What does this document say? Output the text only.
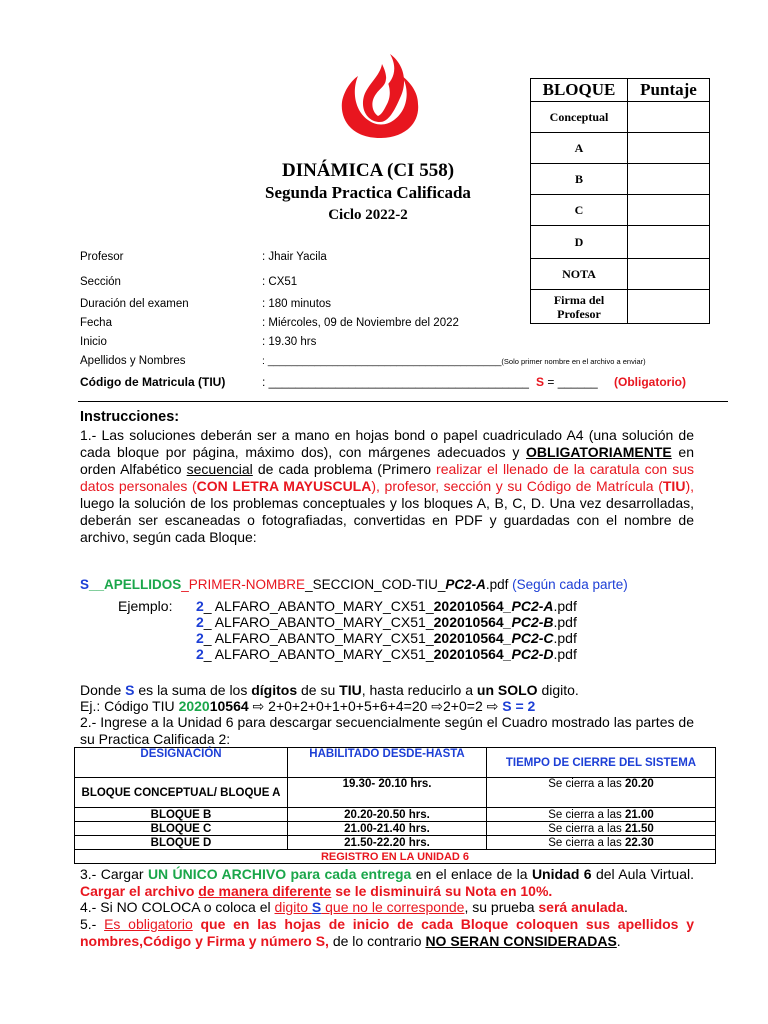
DINÁMICA (CI 558)
Segunda Practica Calificada
Ciclo 2022-2
BLOQUE	Puntaje
Conceptual	
A	
B	
C	
D	
NOTA	
Firma del Profesor	
Profesor	: Jhair Yacila
Sección	: CX51
Duración del examen	: 180 minutos
Fecha	: Miércoles, 09 de Noviembre del 2022
Inicio	: 19.30 hrs
Apellidos y Nombres	: ________________________________________(Solo primer nombre en el archivo a enviar)
Código de Matricula (TIU)	: _______________________________________ S = ______ (Obligatorio)
Instrucciones:
1.- Las soluciones deberán ser a mano en hojas bond o papel cuadriculado A4 (una solución de cada bloque por página, máximo dos), con márgenes adecuados y OBLIGATORIAMENTE en orden Alfabético secuencial de cada problema (Primero realizar el llenado de la caratula con sus datos personales (CON LETRA MAYUSCULA), profesor, sección y su Código de Matrícula (TIU), luego la solución de los problemas conceptuales y los bloques A, B, C, D. Una vez desarrolladas, deberán ser escaneadas o fotografiadas, convertidas en PDF y guardadas con el nombre de archivo, según cada Bloque:
S__APELLIDOS_PRIMER-NOMBRE_SECCION_COD-TIU_PC2-A.pdf (Según cada parte)
Ejemplo: 2_ ALFARO_ABANTO_MARY_CX51_202010564_PC2-A.pdf
2_ ALFARO_ABANTO_MARY_CX51_202010564_PC2-B.pdf
2_ ALFARO_ABANTO_MARY_CX51_202010564_PC2-C.pdf
2_ ALFARO_ABANTO_MARY_CX51_202010564_PC2-D.pdf
Donde S es la suma de los dígitos de su TIU, hasta reducirlo a un SOLO digito.
Ej.: Código TIU 202010564 ⇨ 2+0+2+0+1+0+5+6+4=20 ⇨2+0=2 ⇨ S = 2
2.- Ingrese a la Unidad 6 para descargar secuencialmente según el Cuadro mostrado las partes de su Practica Calificada 2:
DESIGNACIÓN	HABILITADO DESDE-HASTA	TIEMPO DE CIERRE DEL SISTEMA
BLOQUE CONCEPTUAL/ BLOQUE A	19.30- 20.10 hrs.	Se cierra a las 20.20
BLOQUE B	20.20-20.50 hrs.	Se cierra a las 21.00
BLOQUE C	21.00-21.40 hrs.	Se cierra a las 21.50
BLOQUE D	21.50-22.20 hrs.	Se cierra a las 22.30
REGISTRO EN LA UNIDAD 6		
3.- Cargar UN ÚNICO ARCHIVO para cada entrega en el enlace de la Unidad 6 del Aula Virtual. Cargar el archivo de manera diferente se le disminuirá su Nota en 10%.
4.- Si NO COLOCA o coloca el digito S que no le corresponde, su prueba será anulada.
5.- Es obligatorio que en las hojas de inicio de cada Bloque coloquen sus apellidos y nombres,Código y Firma y número S, de lo contrario NO SERAN CONSIDERADAS.
